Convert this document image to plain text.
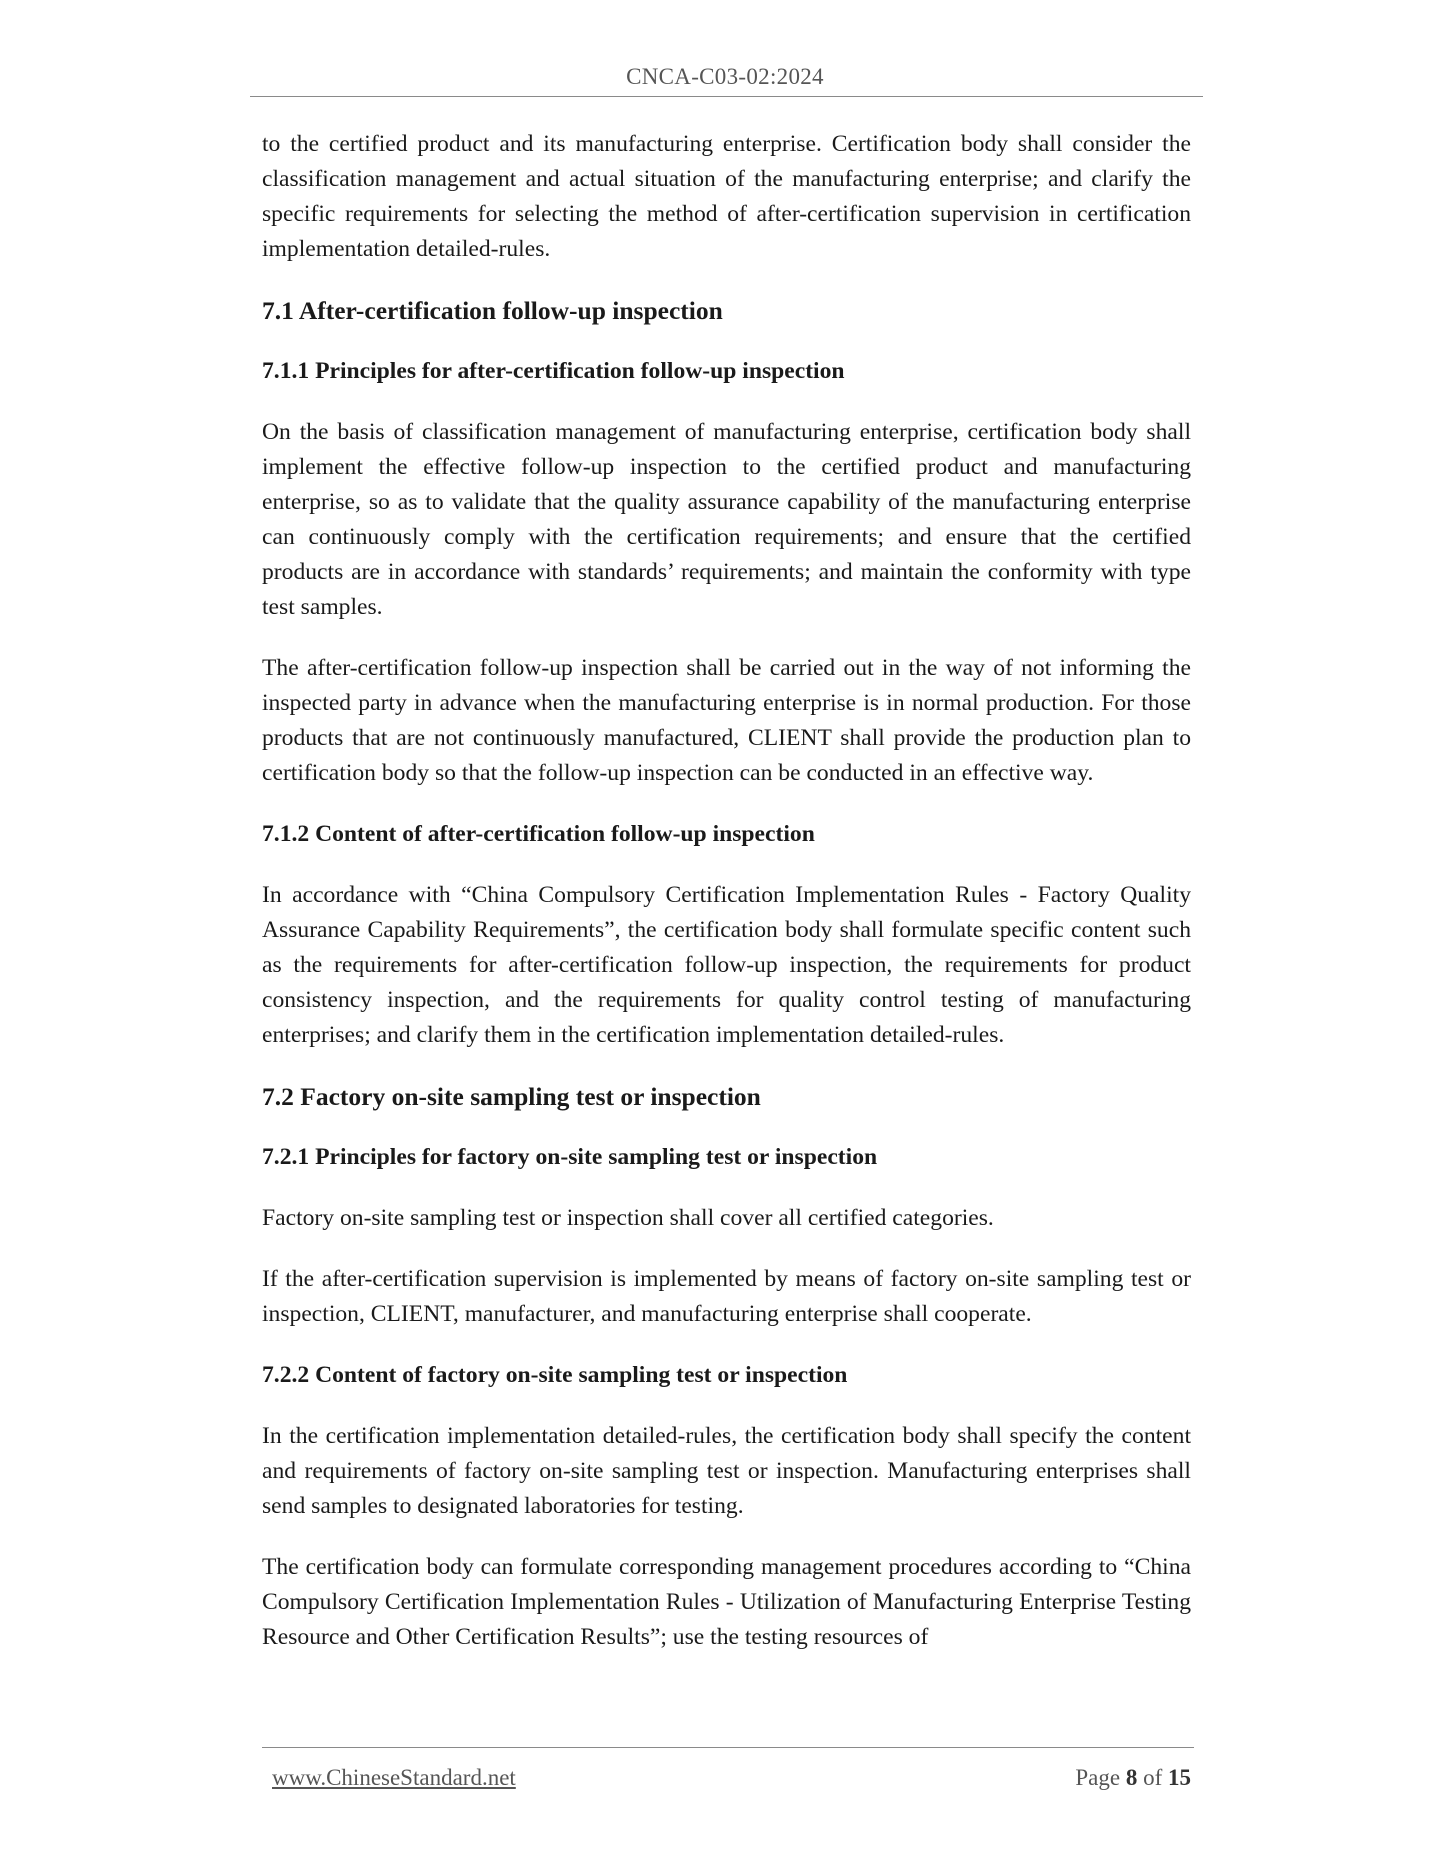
CNCA-C03-02:2024

to the certified product and its manufacturing enterprise. Certification body shall consider the classification management and actual situation of the manufacturing enterprise; and clarify the specific requirements for selecting the method of after-certification supervision in certification implementation detailed-rules.

7.1 After-certification follow-up inspection
7.1.1 Principles for after-certification follow-up inspection

On the basis of classification management of manufacturing enterprise, certification body shall implement the effective follow-up inspection to the certified product and manufacturing enterprise, so as to validate that the quality assurance capability of the manufacturing enterprise can continuously comply with the certification requirements; and ensure that the certified products are in accordance with standards’ requirements; and maintain the conformity with type test samples.

The after-certification follow-up inspection shall be carried out in the way of not informing the inspected party in advance when the manufacturing enterprise is in normal production. For those products that are not continuously manufactured, CLIENT shall provide the production plan to certification body so that the follow-up inspection can be conducted in an effective way.

7.1.2 Content of after-certification follow-up inspection

In accordance with “China Compulsory Certification Implementation Rules - Factory Quality Assurance Capability Requirements”, the certification body shall formulate specific content such as the requirements for after-certification follow-up inspection, the requirements for product consistency inspection, and the requirements for quality control testing of manufacturing enterprises; and clarify them in the certification implementation detailed-rules.

7.2 Factory on-site sampling test or inspection
7.2.1 Principles for factory on-site sampling test or inspection

Factory on-site sampling test or inspection shall cover all certified categories.

If the after-certification supervision is implemented by means of factory on-site sampling test or inspection, CLIENT, manufacturer, and manufacturing enterprise shall cooperate.

7.2.2 Content of factory on-site sampling test or inspection

In the certification implementation detailed-rules, the certification body shall specify the content and requirements of factory on-site sampling test or inspection. Manufacturing enterprises shall send samples to designated laboratories for testing.

The certification body can formulate corresponding management procedures according to “China Compulsory Certification Implementation Rules - Utilization of Manufacturing Enterprise Testing Resource and Other Certification Results”; use the testing resources of

www.ChineseStandard.net	Page 8 of 15
